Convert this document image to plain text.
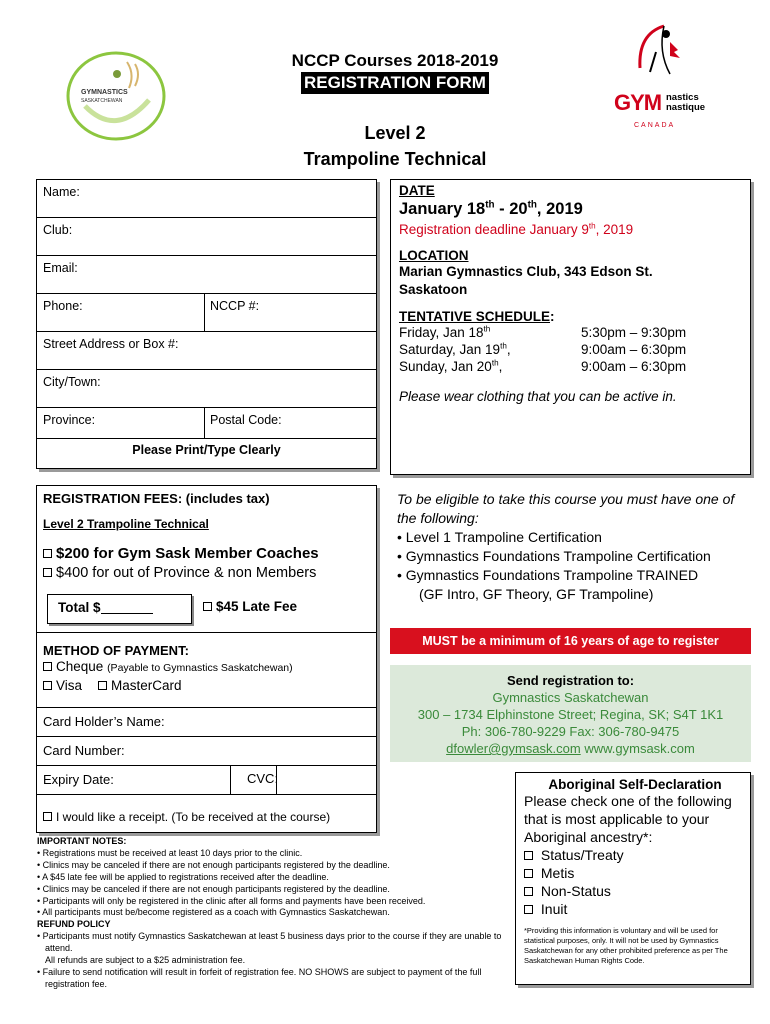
GYMNASTICS
SASKATCHEWAN	GYM nastics
nastique
CANADA
NCCP Courses 2018-2019
REGISTRATION FORM
Level 2
Trampoline Technical
Name:
Club:
Email:
Phone:	NCCP #:
Street Address or Box #:
City/Town:
Province:	Postal Code:
Please Print/Type Clearly
DATE
January 18th - 20th, 2019
Registration deadline January 9th, 2019
LOCATION
Marian Gymnastics Club, 343 Edson St.
Saskatoon
TENTATIVE SCHEDULE:
Friday, Jan 18th	5:30pm – 9:30pm
Saturday, Jan 19th,	9:00am – 6:30pm
Sunday, Jan 20th,	9:00am – 6:30pm
Please wear clothing that you can be active in.
REGISTRATION FEES: (includes tax)
Level 2 Trampoline Technical
$200 for Gym Sask Member Coaches
$400 for out of Province & non Members
Total $	$45 Late Fee
METHOD OF PAYMENT:
Cheque (Payable to Gymnastics Saskatchewan)
Visa MasterCard
Card Holder’s Name:
Card Number:
Expiry Date:	CVC:
I would like a receipt. (To be received at the course)
To be eligible to take this course you must have one of the following:
• Level 1 Trampoline Certification
• Gymnastics Foundations Trampoline Certification
• Gymnastics Foundations Trampoline TRAINED
(GF Intro, GF Theory, GF Trampoline)
MUST be a minimum of 16 years of age to register
Send registration to:
Gymnastics Saskatchewan
300 – 1734 Elphinstone Street; Regina, SK; S4T 1K1
Ph: 306-780-9229 Fax: 306-780-9475
dfowler@gymsask.com www.gymsask.com
Aboriginal Self-Declaration
Please check one of the following that is most applicable to your Aboriginal ancestry*:
Status/Treaty
Metis
Non-Status
Inuit
*Providing this information is voluntary and will be used for statistical purposes, only. It will not be used by Gymnastics Saskatchewan for any other prohibited preference as per The Saskatchewan Human Rights Code.
IMPORTANT NOTES:
• Registrations must be received at least 10 days prior to the clinic.
• Clinics may be canceled if there are not enough participants registered by the deadline.
• A $45 late fee will be applied to registrations received after the deadline.
• Clinics may be canceled if there are not enough participants registered by the deadline.
• Participants will only be registered in the clinic after all forms and payments have been received.
• All participants must be/become registered as a coach with Gymnastics Saskatchewan.
REFUND POLICY
• Participants must notify Gymnastics Saskatchewan at least 5 business days prior to the course if they are unable to attend.
All refunds are subject to a $25 administration fee.
• Failure to send notification will result in forfeit of registration fee. NO SHOWS are subject to payment of the full registration fee.
